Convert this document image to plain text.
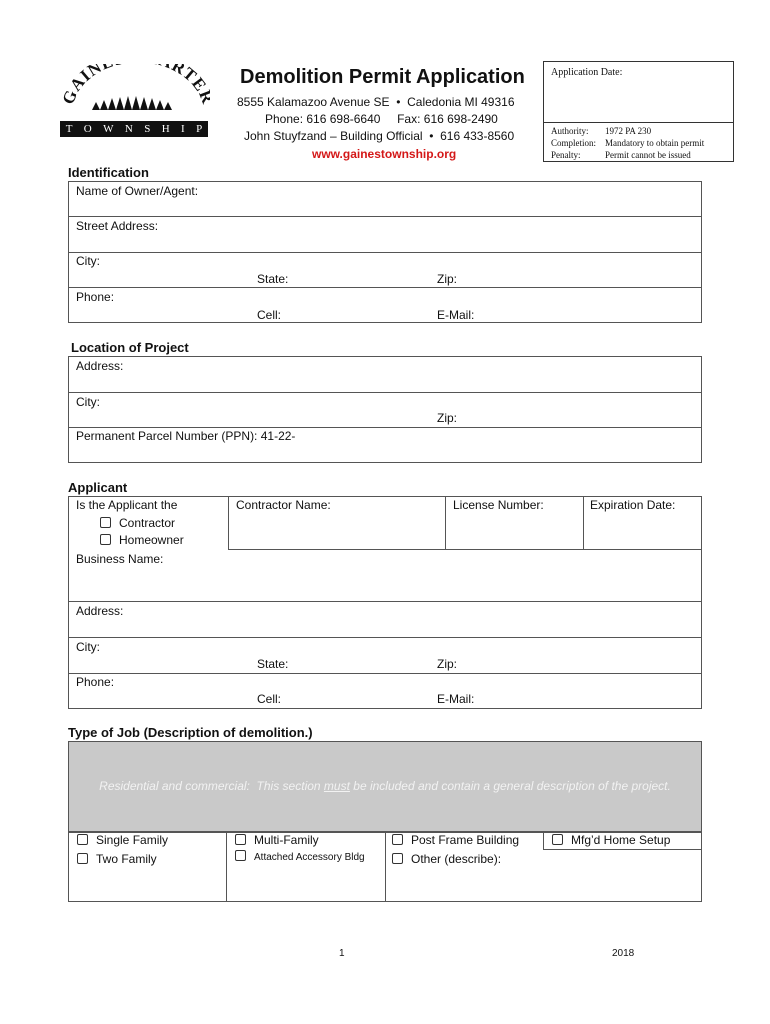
GAIN RTE
T O W N S H I P
Demolition Permit Application
8555 Kalamazoo Avenue SE  •  Caledonia MI 49316
Phone: 616 698-6640     Fax: 616 698-2490
John Stuyfzand – Building Official  •  616 433-8560
www.gainestownship.org
Application Date:
Authority: 1972 PA 230
Completion: Mandatory to obtain permit
Penalty:	Permit cannot be issued
Identification
Name of Owner/Agent:
Street Address:
City:
State:	Zip:
Phone:
Cell:	E-Mail:
Location of Project
Address:
City:
Zip:
Permanent Parcel Number (PPN): 41-22-
Applicant
Is the Applicant the
Contractor
Homeowner
Contractor Name:	License Number:	Expiration Date:
Business Name:
Address:
City:
State:	Zip:
Phone:
Cell:	E-Mail:
Type of Job (Description of demolition.)
Residential and commercial:  This section must be included and contain a general description of the project.
Single Family	Multi-Family	Post Frame Building	Mfg’d Home Setup
Two Family	Attached Accessory Bldg	Other (describe):
1	2018
